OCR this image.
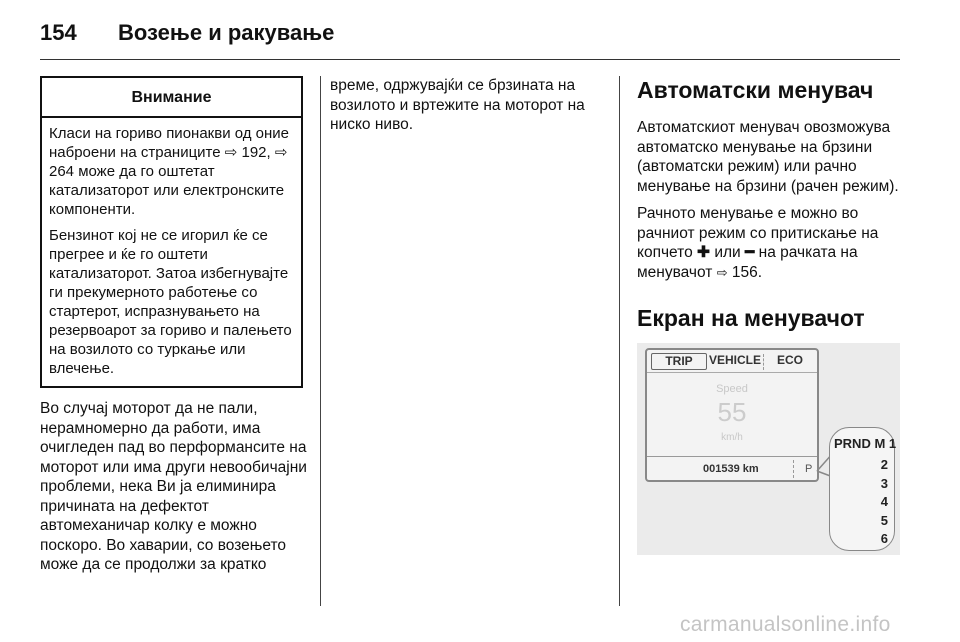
154 Возење и ракување
Внимание

Класи на гориво пионакви од оние наброени на страниците ⇨ 192, ⇨ 264 може да го оштетат катализаторот или електронските компоненти.

Бензинот кој не се игорил ќе се прегрее и ќе го оштети катализаторот. Затоа избегнувајте ги прекумерното работење со стартерот, испразнувањето на резервоарот за гориво и палењето на возилото со туркање или влечење.

Во случај моторот да не пали, нерамномерно да работи, има очигледен пад во перформансите на моторот или има други невообичајни проблеми, нека Ви ја елиминира причината на дефектот автомеханичар колку е можно поскоро. Во хаварии, со возењето може да се продолжи за кратко
време, одржувајќи се брзината на возилото и вртежите на моторот на ниско ниво.
Автоматски менувач

Автоматскиот менувач овозможува автоматско менување на брзини (автоматски режим) или рачно менување на брзини (рачен режим).

Рачното менување е можно во рачниот режим со притискање на копчето ✚ или ━ на рачката на менувачот ⇨ 156.

Екран на менувачот
TRIP	VEHICLE ECO
Speed
55
km/h
001539 km	P
PRND M 1
2
3
4
5
6
carmanualsonline.info
